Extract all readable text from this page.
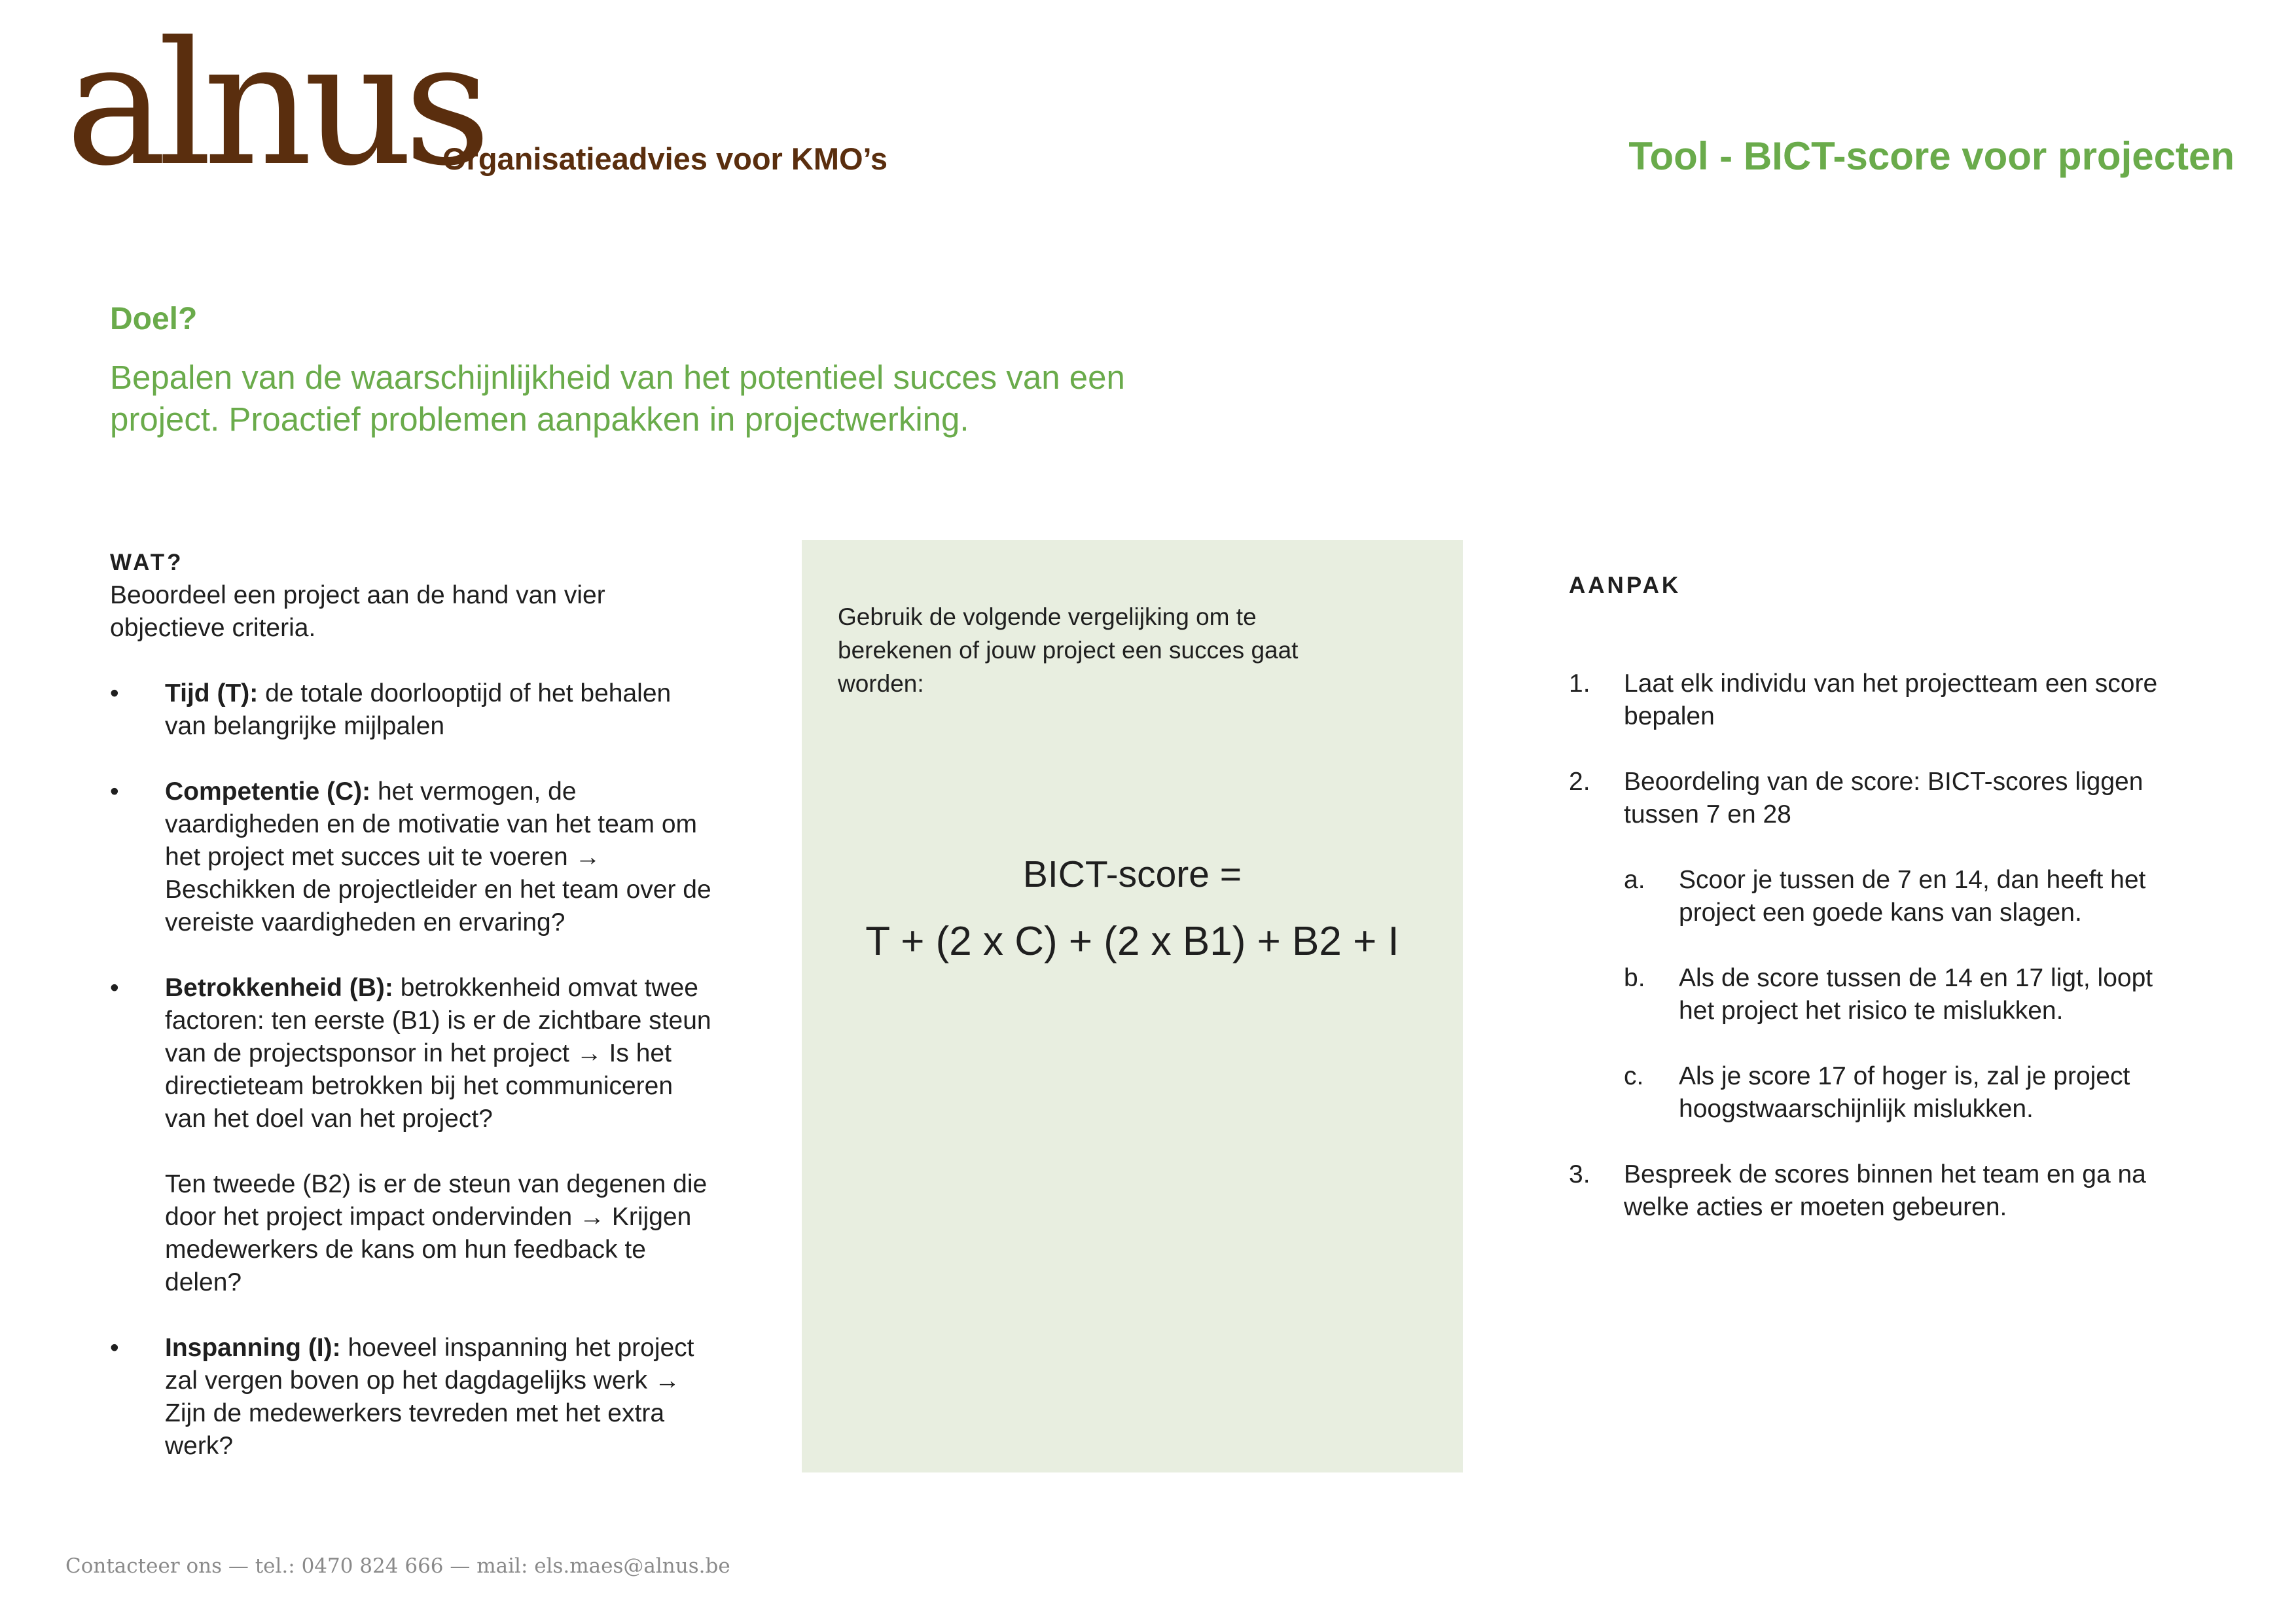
alnus
Organisatieadvies voor KMO’s	Tool - BICT-score voor projecten
Doel?
Bepalen van de waarschijnlijkheid van het potentieel succes van een project. Proactief problemen aanpakken in projectwerking.
WAT?
Beoordeel een project aan de hand van vier objectieve criteria.
• Tijd (T): de totale doorlooptijd of het behalen van belangrijke mijlpalen
• Competentie (C): het vermogen, de vaardigheden en de motivatie van het team om het project met succes uit te voeren → Beschikken de projectleider en het team over de vereiste vaardigheden en ervaring?
• Betrokkenheid (B): betrokkenheid omvat twee factoren: ten eerste (B1) is er de zichtbare steun van de projectsponsor in het project → Is het directieteam betrokken bij het communiceren van het doel van het project?
Ten tweede (B2) is er de steun van degenen die door het project impact ondervinden → Krijgen medewerkers de kans om hun feedback te delen?
• Inspanning (I): hoeveel inspanning het project zal vergen boven op het dagdagelijks werk → Zijn de medewerkers tevreden met het extra werk?
Gebruik de volgende vergelijking om te berekenen of jouw project een succes gaat worden:
BICT-score =
T + (2 x C) + (2 x B1) + B2 + I
AANPAK
1. Laat elk individu van het projectteam een score bepalen
2. Beoordeling van de score: BICT-scores liggen tussen 7 en 28
a. Scoor je tussen de 7 en 14, dan heeft het project een goede kans van slagen.
b. Als de score tussen de 14 en 17 ligt, loopt het project het risico te mislukken.
c. Als je score 17 of hoger is, zal je project hoogstwaarschijnlijk mislukken.
3. Bespreek de scores binnen het team en ga na welke acties er moeten gebeuren.
Contacteer ons — tel.: 0470 824 666 — mail: els.maes@alnus.be
